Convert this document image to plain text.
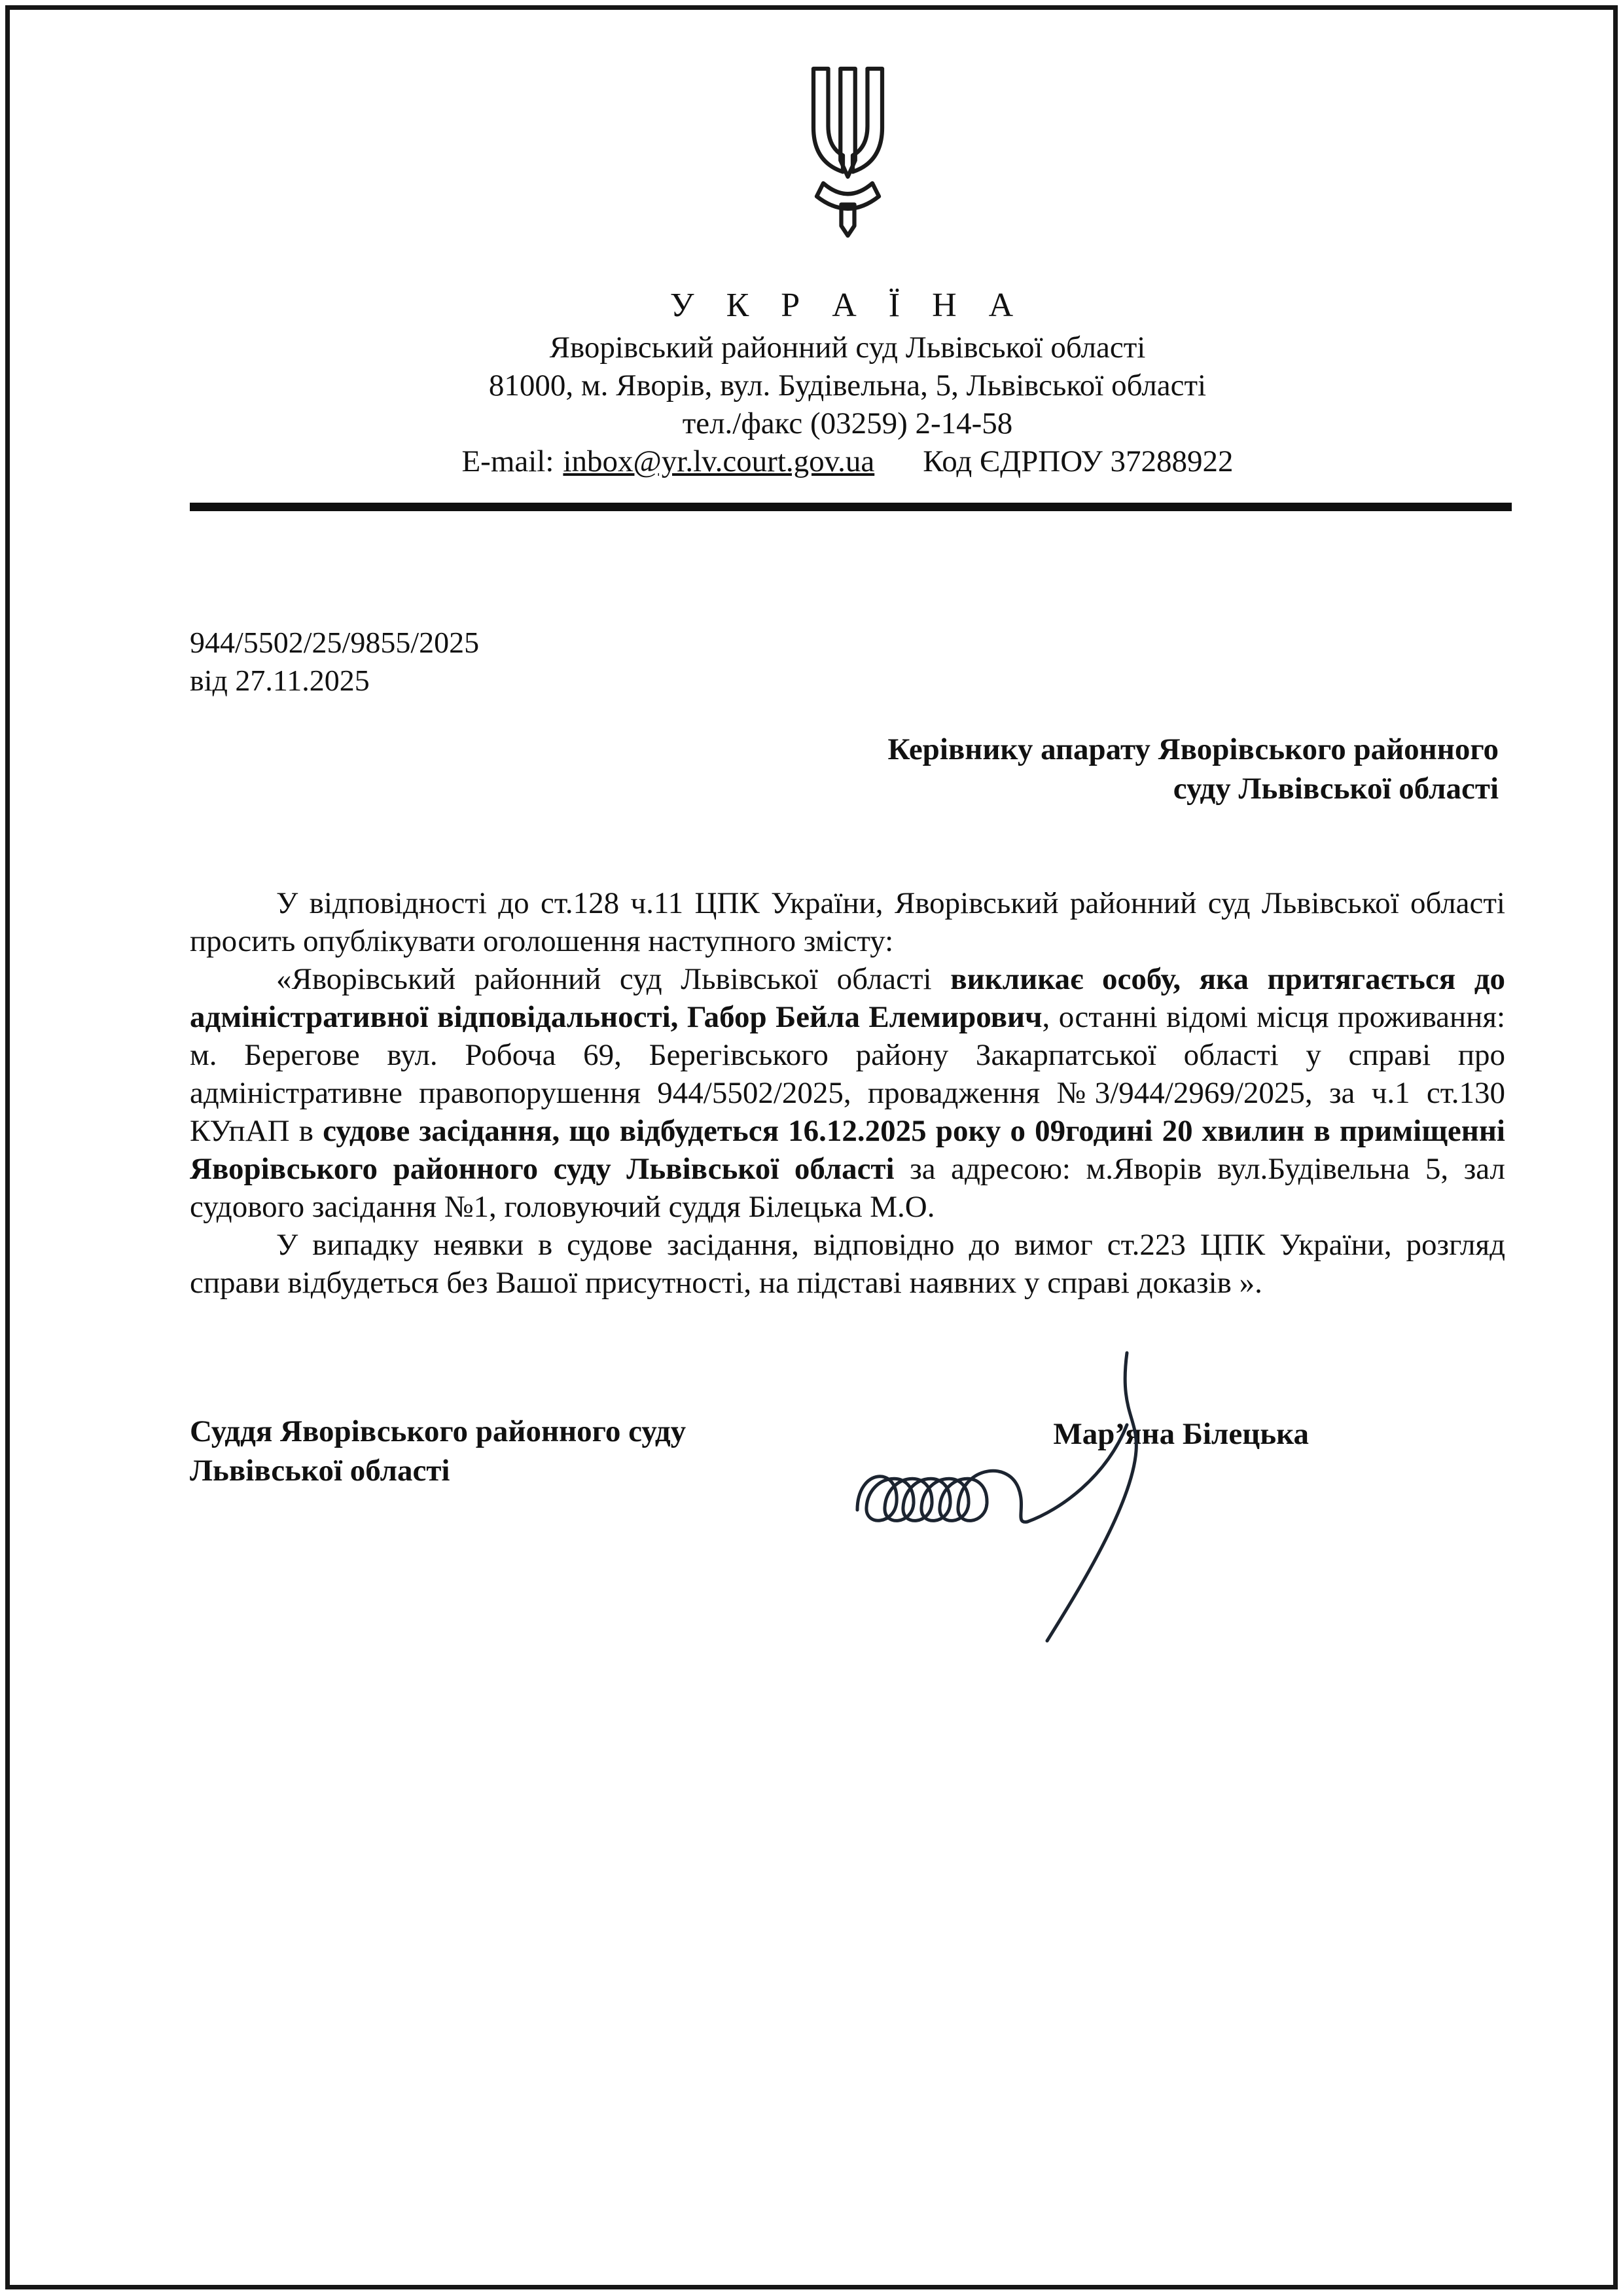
У К Р А Ї Н А
Яворівський районний суд Львівської області
81000, м. Яворів, вул. Будівельна, 5, Львівської області
тел./факс (03259) 2-14-58
E-mail: inbox@yr.lv.court.gov.ua Код ЄДРПОУ 37288922
944/5502/25/9855/2025
від 27.11.2025
Керівнику апарату Яворівського районного
суду Львівської області

У відповідності до ст.128 ч.11 ЦПК України, Яворівський районний суд Львівської області просить опублікувати оголошення наступного змісту:

«Яворівський районний суд Львівської області викликає особу, яка притягається до адміністративної відповідальності, Габор Бейла Елемирович, останні відомі місця проживання: м. Берегове вул. Робоча 69, Берегівського району Закарпатської області у справі про адміністративне правопорушення 944/5502/2025, провадження №3/944/2969/2025, за ч.1 ст.130 КУпАП в судове засідання, що відбудеться 16.12.2025 року о 09годині 20 хвилин в приміщенні Яворівського районного суду Львівської області за адресою: м.Яворів вул.Будівельна 5, зал судового засідання №1, головуючий суддя Білецька М.О.

У випадку неявки в судове засідання, відповідно до вимог ст.223 ЦПК України, розгляд справи відбудеться без Вашої присутності, на підставі наявних у справі доказів ».

Суддя Яворівського районного суду
Львівської області
Мар’яна Білецька
